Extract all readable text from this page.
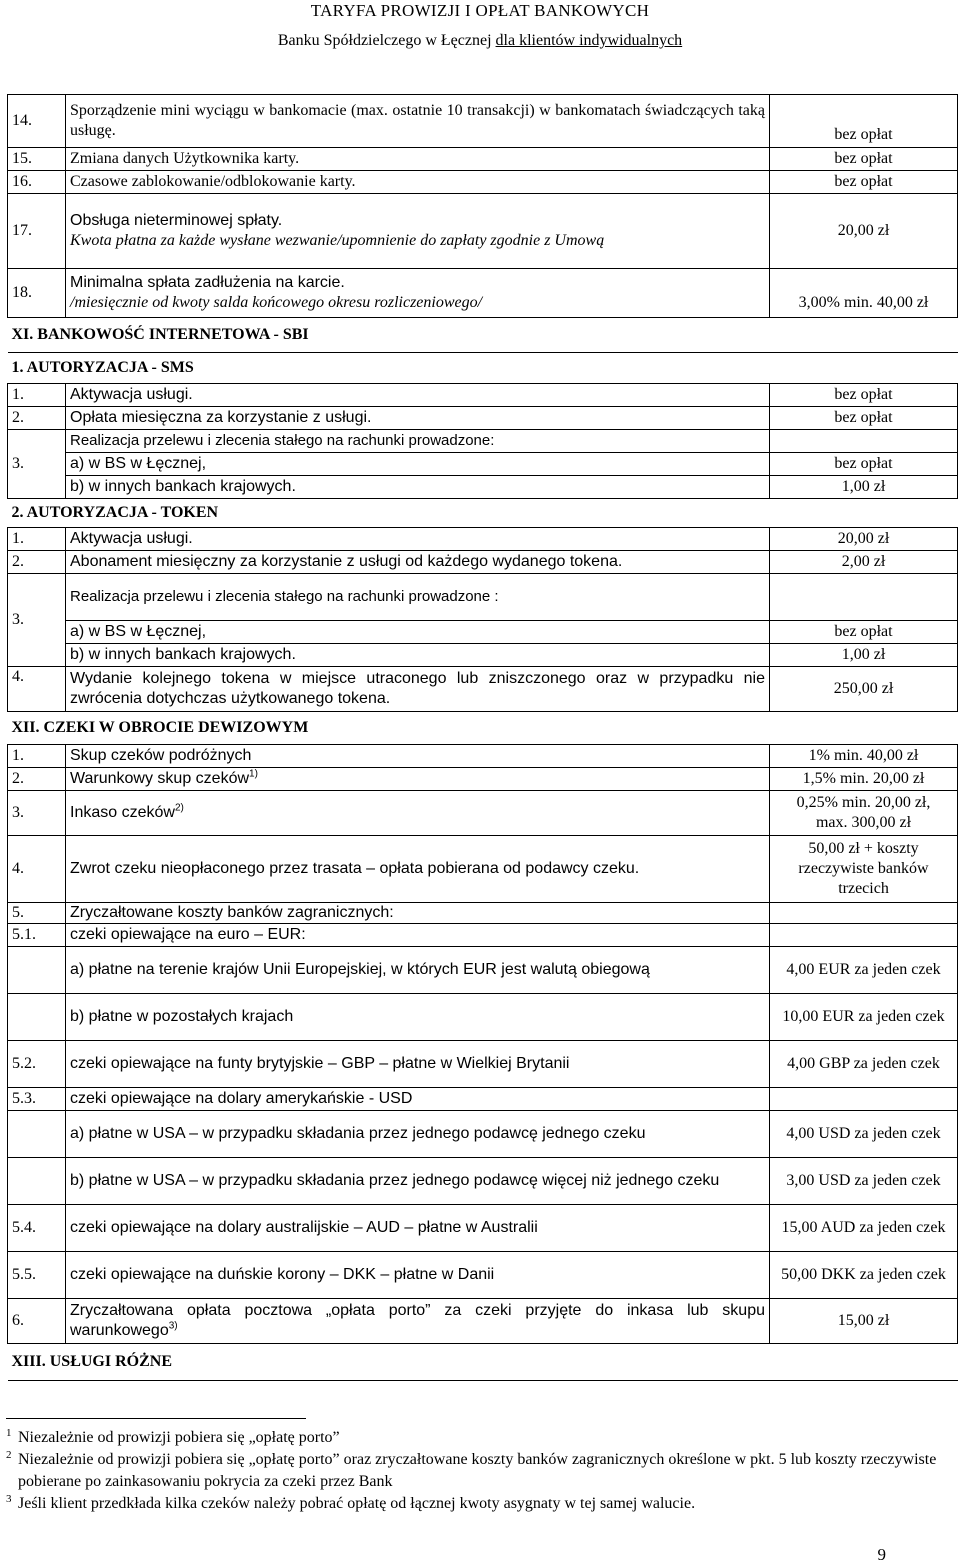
TARYFA PROWIZJI I OPŁAT BANKOWYCH
Banku Spółdzielczego w Łęcznej dla klientów indywidualnych
14.	Sporządzenie mini wyciągu w bankomacie (max. ostatnie 10 transakcji) w bankomatach świadczących taką usługę.	bez opłat
15.	Zmiana danych Użytkownika karty.	bez opłat
16.	Czasowe zablokowanie/odblokowanie karty.	bez opłat
17.	Obsługa nieterminowej spłaty.
Kwota płatna za każde wysłane wezwanie/upomnienie do zapłaty zgodnie z Umową	20,00 zł
18.	Minimalna spłata zadłużenia na karcie.
/miesięcznie od kwoty salda końcowego okresu rozliczeniowego/	3,00% min. 40,00 zł
XI. BANKOWOŚĆ INTERNETOWA - SBI		
1. AUTORYZACJA - SMS		
1.	Aktywacja usługi.	bez opłat
2.	Opłata miesięczna za korzystanie z usługi.	bez opłat
3.	Realizacja przelewu i zlecenia stałego na rachunki prowadzone:	
	a) w BS w Łęcznej,	bez opłat
	b) w innych bankach krajowych.	1,00 zł
2. AUTORYZACJA - TOKEN		
1.	Aktywacja usługi.	20,00 zł
2.	Abonament miesięczny za korzystanie z usługi od każdego wydanego tokena.	2,00 zł
3.	Realizacja przelewu i zlecenia stałego na rachunki prowadzone :	
	a) w BS w Łęcznej,	bez opłat
	b) w innych bankach krajowych.	1,00 zł
4.	Wydanie kolejnego tokena w miejsce utraconego lub zniszczonego oraz w przypadku nie zwrócenia dotychczas użytkowanego tokena.	250,00 zł
XII. CZEKI W OBROCIE DEWIZOWYM		
1.	Skup czeków podróżnych	1% min. 40,00 zł
2.	Warunkowy skup czeków$^{1)}$	1,5% min. 20,00 zł
3.	Inkaso czeków$^{2)}$	0,25% min. 20,00 zł,
max. 300,00 zł

4.	Zwrot czeku nieopłaconego przez trasata – opłata pobierana od podawcy czeku.	50,00 zł + koszty rzeczywiste banków trzecich
5.	Zryczałtowane koszty banków zagranicznych:	
5.1.	czeki opiewające na euro – EUR:	
	a) płatne na terenie krajów Unii Europejskiej, w których EUR jest walutą obiegową	4,00 EUR za jeden czek
	b) płatne w pozostałych krajach	10,00 EUR za jeden czek
5.2.	czeki opiewające na funty brytyjskie – GBP – płatne w Wielkiej Brytanii	4,00 GBP za jeden czek
5.3.	czeki opiewające na dolary amerykańskie - USD	
	a) płatne w USA – w przypadku składania przez jednego podawcę jednego czeku	4,00 USD za jeden czek
	b) płatne w USA – w przypadku składania przez jednego podawcę więcej niż jednego czeku	3,00 USD za jeden czek
5.4.	czeki opiewające na dolary australijskie – AUD – płatne w Australii	15,00 AUD za jeden czek
5.5.	czeki opiewające na duńskie korony – DKK – płatne w Danii	50,00 DKK za jeden czek
6.	Zryczałtowana opłata pocztowa „opłata porto” za czeki przyjęte do inkasa lub skupu warunkowego$^{3)}$	15,00 zł
XIII. USŁUGI RÓŻNE		
1 Niezależnie od prowizji pobiera się „opłatę porto”
2 Niezależnie od prowizji pobiera się „opłatę porto” oraz zryczałtowane koszty banków zagranicznych określone w pkt. 5 lub koszty rzeczywiste pobierane po zainkasowaniu pokrycia za czeki przez Bank
3 Jeśli klient przedkłada kilka czeków należy pobrać opłatę od łącznej kwoty asygnaty w tej samej walucie.
9
